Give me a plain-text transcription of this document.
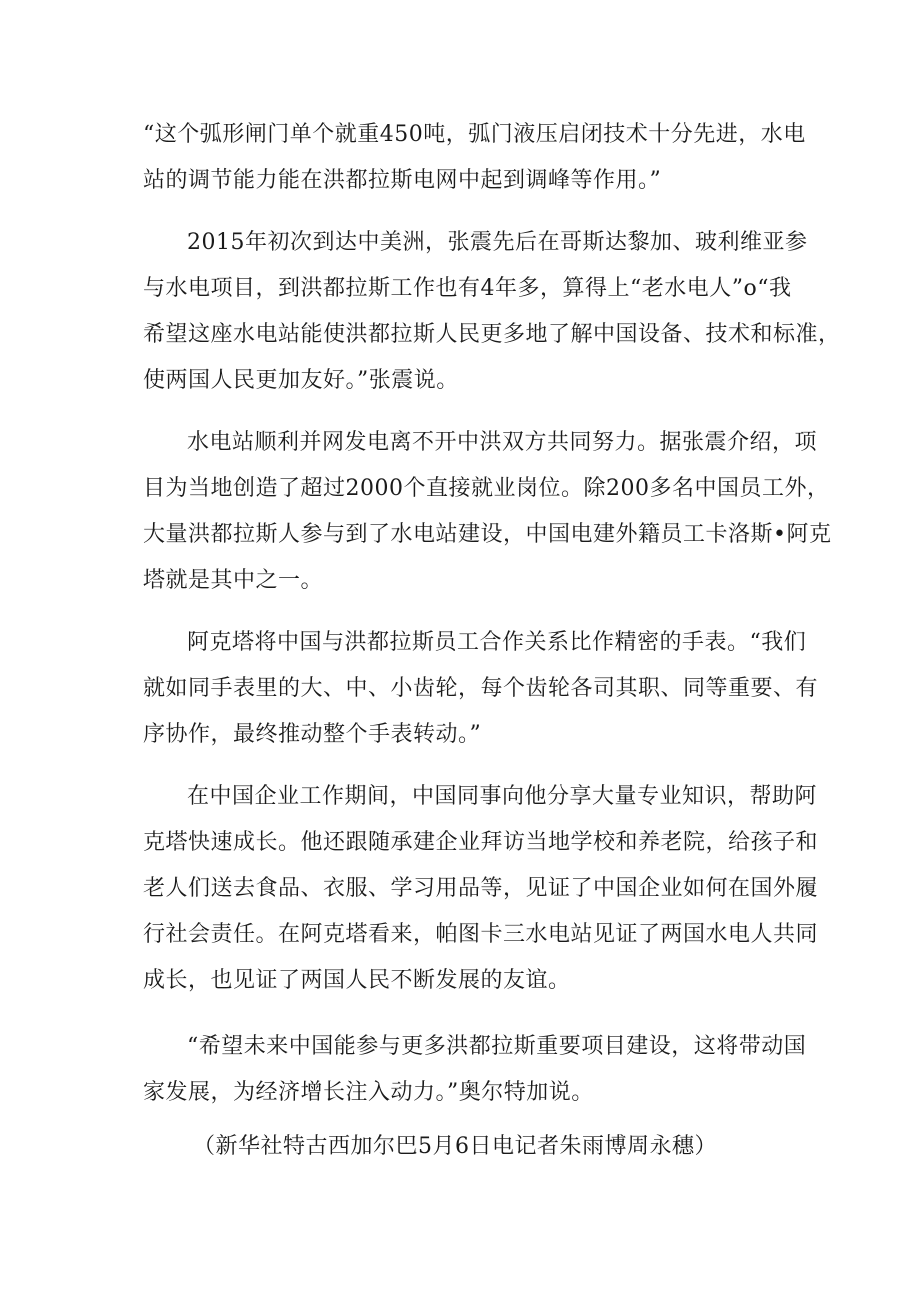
“这个弧形闸门单个就重450吨，弧门液压启闭技术十分先进，水电
站的调节能力能在洪都拉斯电网中起到调峰等作用。”
2015年初次到达中美洲，张震先后在哥斯达黎加、玻利维亚参
与水电项目，到洪都拉斯工作也有4年多，算得上“老水电人”o“我
希望这座水电站能使洪都拉斯人民更多地了解中国设备、技术和标准，
使两国人民更加友好。”张震说。
水电站顺利并网发电离不开中洪双方共同努力。据张震介绍，项
目为当地创造了超过2000个直接就业岗位。除200多名中国员工外，
大量洪都拉斯人参与到了水电站建设，中国电建外籍员工卡洛斯•阿克
塔就是其中之一。
阿克塔将中国与洪都拉斯员工合作关系比作精密的手表。“我们
就如同手表里的大、中、小齿轮，每个齿轮各司其职、同等重要、有
序协作，最终推动整个手表转动。”
在中国企业工作期间，中国同事向他分享大量专业知识，帮助阿
克塔快速成长。他还跟随承建企业拜访当地学校和养老院，给孩子和
老人们送去食品、衣服、学习用品等，见证了中国企业如何在国外履
行社会责任。在阿克塔看来，帕图卡三水电站见证了两国水电人共同
成长，也见证了两国人民不断发展的友谊。
“希望未来中国能参与更多洪都拉斯重要项目建设，这将带动国
家发展，为经济增长注入动力。”奥尔特加说。
（新华社特古西加尔巴5月6日电记者朱雨博周永穗）
